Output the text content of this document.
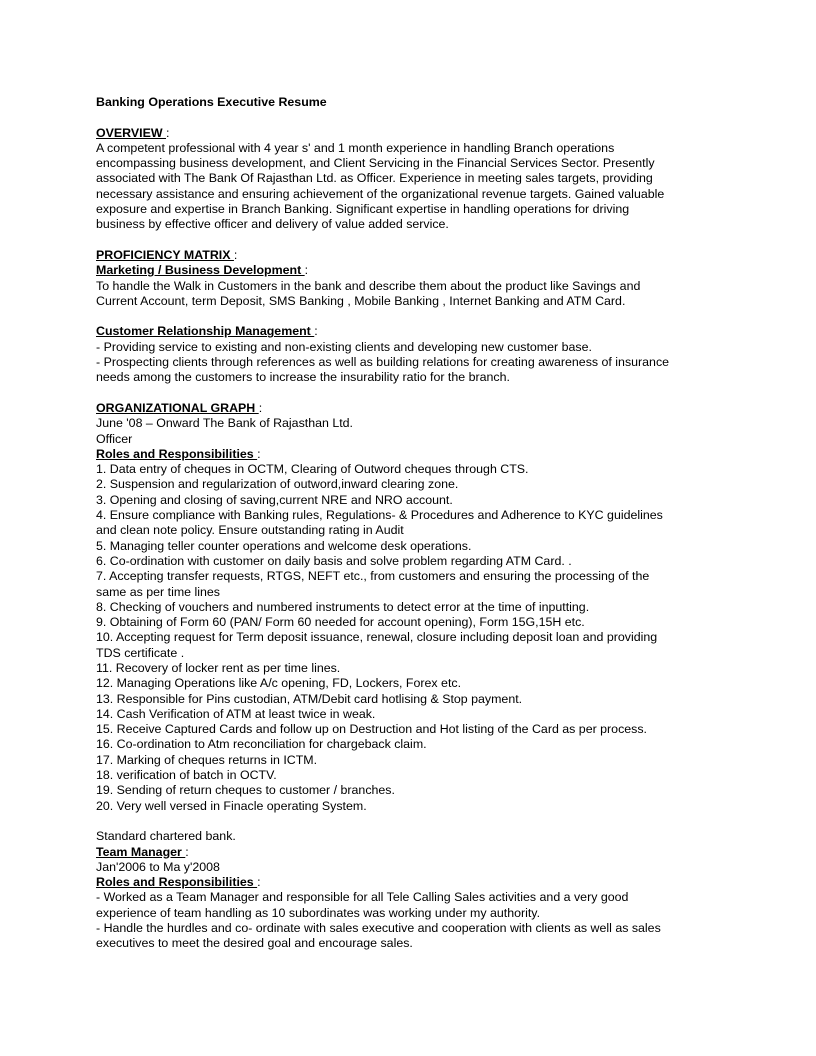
Banking Operations Executive Resume
OVERVIEW :
A competent professional with 4 year s' and 1 month experience in handling Branch operations
encompassing business development, and Client Servicing in the Financial Services Sector. Presently
associated with The Bank Of Rajasthan Ltd. as Officer. Experience in meeting sales targets, providing
necessary assistance and ensuring achievement of the organizational revenue targets. Gained valuable
exposure and expertise in Branch Banking. Significant expertise in handling operations for driving
business by effective officer and delivery of value added service.
PROFICIENCY MATRIX :
Marketing / Business Development :
To handle the Walk in Customers in the bank and describe them about the product like Savings and
Current Account, term Deposit, SMS Banking , Mobile Banking , Internet Banking and ATM Card.
Customer Relationship Management :
- Providing service to existing and non-existing clients and developing new customer base.
- Prospecting clients through references as well as building relations for creating awareness of insurance
needs among the customers to increase the insurability ratio for the branch.
ORGANIZATIONAL GRAPH :
June '08 – Onward The Bank of Rajasthan Ltd.
Officer
Roles and Responsibilities :
1. Data entry of cheques in OCTM, Clearing of Outword cheques through CTS.
2. Suspension and regularization of outword,inward clearing zone.
3. Opening and closing of saving,current NRE and NRO account.
4. Ensure compliance with Banking rules, Regulations- & Procedures and Adherence to KYC guidelines
and clean note policy. Ensure outstanding rating in Audit
5. Managing teller counter operations and welcome desk operations.
6. Co-ordination with customer on daily basis and solve problem regarding ATM Card. .
7. Accepting transfer requests, RTGS, NEFT etc., from customers and ensuring the processing of the
same as per time lines
8. Checking of vouchers and numbered instruments to detect error at the time of inputting.
9. Obtaining of Form 60 (PAN/ Form 60 needed for account opening), Form 15G,15H etc.
10. Accepting request for Term deposit issuance, renewal, closure including deposit loan and providing
TDS certificate .
11. Recovery of locker rent as per time lines.
12. Managing Operations like A/c opening, FD, Lockers, Forex etc.
13. Responsible for Pins custodian, ATM/Debit card hotlising & Stop payment.
14. Cash Verification of ATM at least twice in weak.
15. Receive Captured Cards and follow up on Destruction and Hot listing of the Card as per process.
16. Co-ordination to Atm reconciliation for chargeback claim.
17. Marking of cheques returns in ICTM.
18. verification of batch in OCTV.
19. Sending of return cheques to customer / branches.
20. Very well versed in Finacle operating System.
Standard chartered bank.
Team Manager :
Jan'2006 to Ma y'2008
Roles and Responsibilities :
- Worked as a Team Manager and responsible for all Tele Calling Sales activities and a very good
experience of team handling as 10 subordinates was working under my authority.
- Handle the hurdles and co- ordinate with sales executive and cooperation with clients as well as sales
executives to meet the desired goal and encourage sales.
